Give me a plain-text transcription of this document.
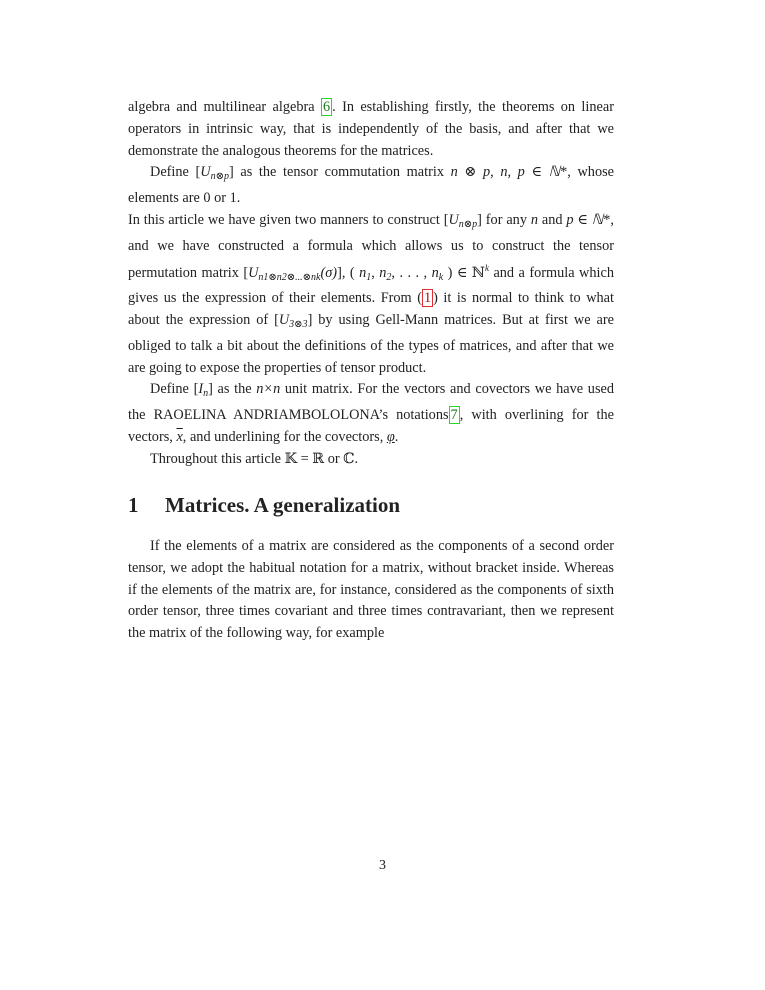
algebra and multilinear algebra 6 . In establishing firstly, the theorems on linear operators in intrinsic way, that is independently of the basis, and after that we demonstrate the analogous theorems for the matrices.

Define $[U_{n\otimes p}]$ as the tensor commutation matrix n ⊗ p, n, p ∈ ℕ*, whose elements are 0 or 1.

In this article we have given two manners to construct $[U_{n\otimes p}]$ for any n and p ∈ ℕ*, and we have constructed a formula which allows us to construct the tensor permutation matrix $[U_{n1\otimes n2\otimes...\otimes nk}(\sigma)]$, ( $n_1$, $n_2$, . . . , $n_k$ ) ∈ ℕ$^k$ and a formula which gives us the expression of their elements. From ( 1 ) it is normal to think to what about the expression of $[U_{3\otimes 3}]$ by using Gell-Mann matrices. But at first we are obliged to talk a bit about the definitions of the types of matrices, and after that we are going to expose the properties of tensor product.

Define $[I_n]$ as the n×n unit matrix. For the vectors and covectors we have used the RAOELINA ANDRIAMBOLOLONA’s notations 7 , with overlining for the vectors, $\overline{x}$, and underlining for the covectors, φ.

Throughout this article 𝕂 = ℝ or ℂ.

1 Matrices. A generalization

If the elements of a matrix are considered as the components of a second order tensor, we adopt the habitual notation for a matrix, without bracket inside. Whereas if the elements of the matrix are, for instance, considered as the components of sixth order tensor, three times covariant and three times contravariant, then we represent the matrix of the following way, for example

3
